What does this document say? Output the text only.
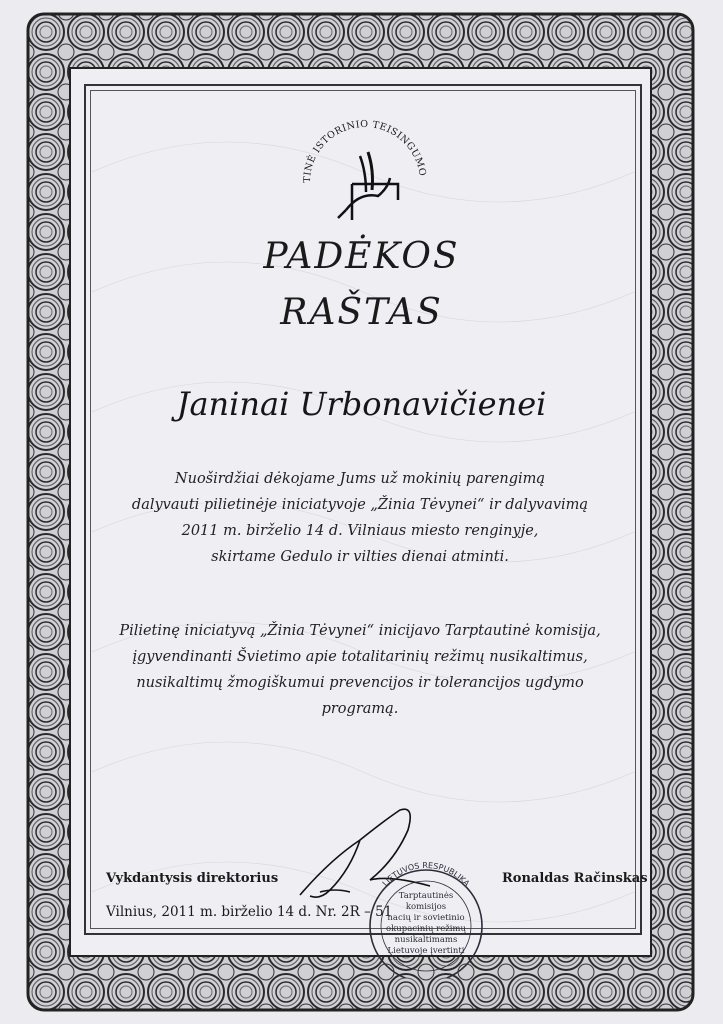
TINĖ ISTORINIO TEISINGUMO
PADĖKOS
RAŠTAS
Janinai Urbonavičienei
Nuoširdžiai dėkojame Jums už mokinių parengimą
dalyvauti pilietinėje iniciatyvoje „Žinia Tėvynei“ ir dalyvavimą
2011 m. birželio 14 d. Vilniaus miesto renginyje,
skirtame Gedulo ir vilties dienai atminti.
Pilietinę iniciatyvą „Žinia Tėvynei“ inicijavo Tarptautinė komisija,
įgyvendinanti Švietimo apie totalitarinių režimų nusikaltimus,
nusikaltimų žmogiškumui prevencijos ir tolerancijos ugdymo programą.
Vykdantysis direktorius	Ronaldas Račinskas
Vilnius, 2011 m. birželio 14 d. Nr. 2R – 51
LIETUVOS RESPUBLIKA
Tarptautinės
komisijos
nacių ir sovietinio
okupacinių režimų
nusikaltimams
Lietuvoje įvertinti
